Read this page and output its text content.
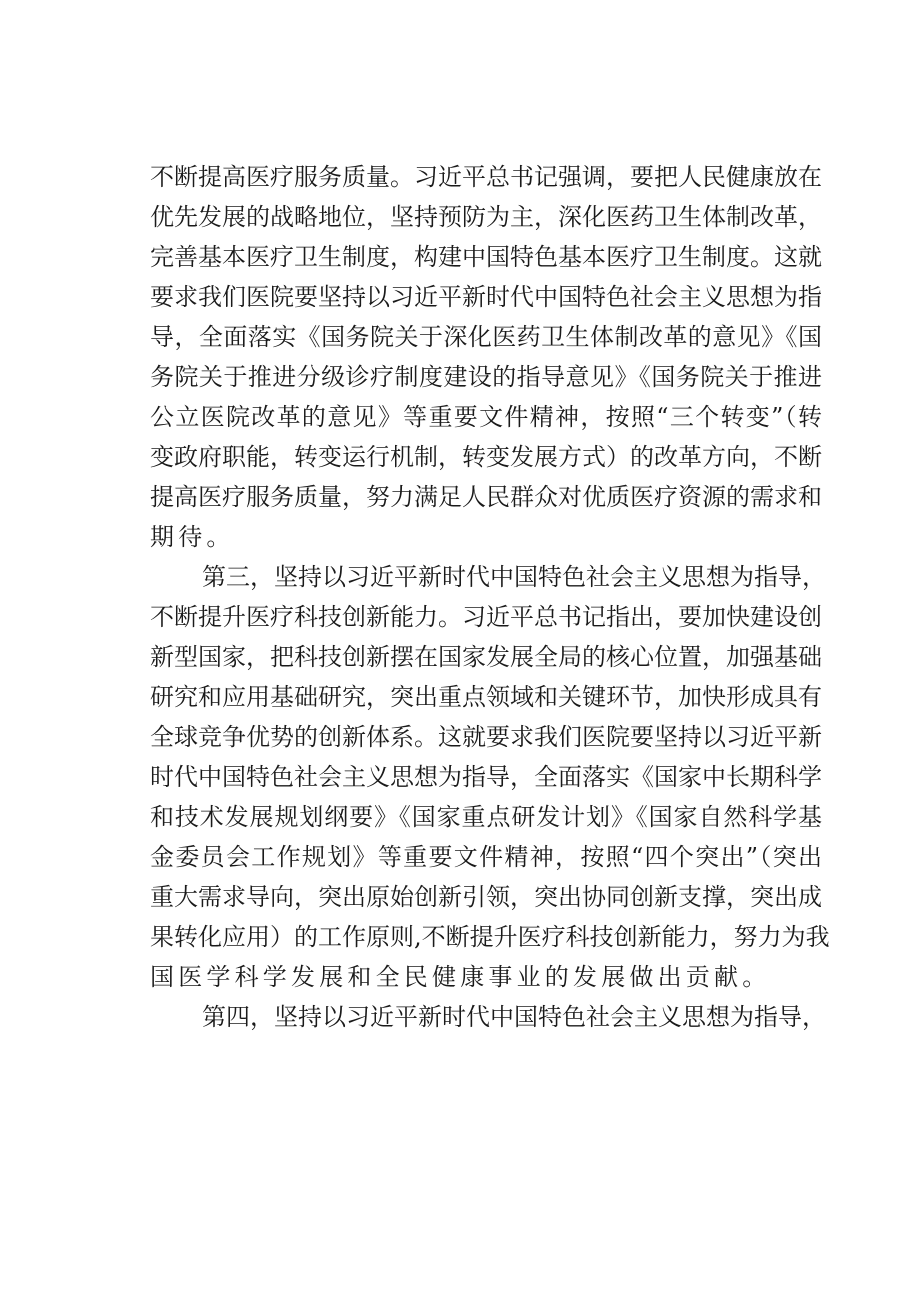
不断提高医疗服务质量。习近平总书记强调，要把人民健康放在
优先发展的战略地位，坚持预防为主，深化医药卫生体制改革，
完善基本医疗卫生制度，构建中国特色基本医疗卫生制度。这就
要求我们医院要坚持以习近平新时代中国特色社会主义思想为指
导，全面落实《国务院关于深化医药卫生体制改革的意见》《国
务院关于推进分级诊疗制度建设的指导意见》《国务院关于推进
公立医院改革的意见》等重要文件精神，按照“三个转变”（转
变政府职能，转变运行机制，转变发展方式）的改革方向，不断
提高医疗服务质量，努力满足人民群众对优质医疗资源的需求和
期待。
第三，坚持以习近平新时代中国特色社会主义思想为指导，
不断提升医疗科技创新能力。习近平总书记指出，要加快建设创
新型国家，把科技创新摆在国家发展全局的核心位置，加强基础
研究和应用基础研究，突出重点领域和关键环节，加快形成具有
全球竞争优势的创新体系。这就要求我们医院要坚持以习近平新
时代中国特色社会主义思想为指导，全面落实《国家中长期科学
和技术发展规划纲要》《国家重点研发计划》《国家自然科学基
金委员会工作规划》等重要文件精神，按照“四个突出”（突出
重大需求导向，突出原始创新引领，突出协同创新支撑，突出成
果转化应用）的工作原则,不断提升医疗科技创新能力，努力为我
国医学科学发展和全民健康事业的发展做出贡献。
第四，坚持以习近平新时代中国特色社会主义思想为指导，
